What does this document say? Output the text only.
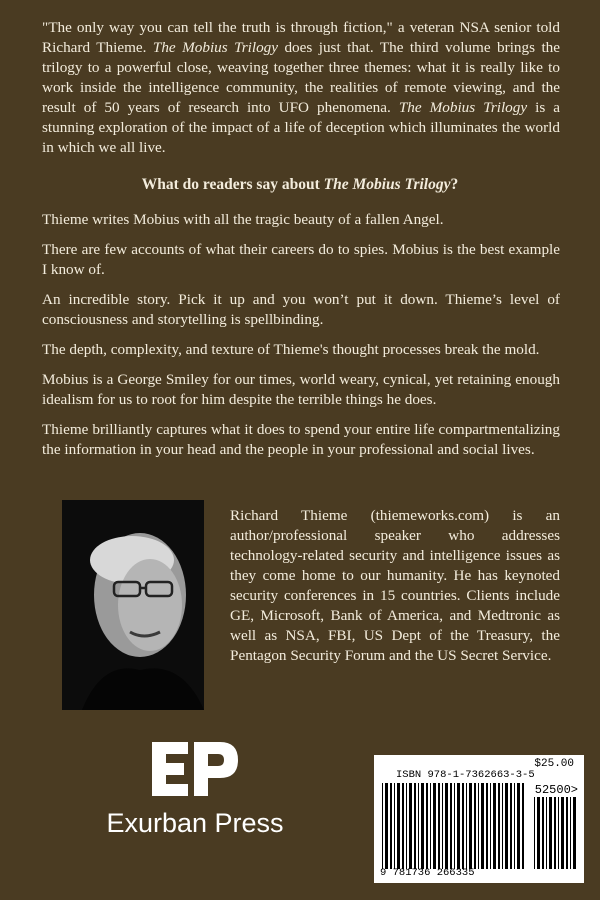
"The only way you can tell the truth is through fiction," a veteran NSA senior told Richard Thieme. The Mobius Trilogy does just that. The third volume brings the trilogy to a powerful close, weaving together three themes: what it is really like to work inside the intelligence community, the realities of remote viewing, and the result of 50 years of research into UFO phenomena. The Mobius Trilogy is a stunning exploration of the impact of a life of deception which illuminates the world in which we all live.
What do readers say about The Mobius Trilogy?
Thieme writes Mobius with all the tragic beauty of a fallen Angel.
There are few accounts of what their careers do to spies. Mobius is the best example I know of.
An incredible story. Pick it up and you won’t put it down. Thieme’s level of consciousness and storytelling is spellbinding.
The depth, complexity, and texture of Thieme's thought processes break the mold.
Mobius is a George Smiley for our times, world weary, cynical, yet retaining enough idealism for us to root for him despite the terrible things he does.
Thieme brilliantly captures what it does to spend your entire life compartmentalizing the information in your head and the people in your professional and social lives.
Richard Thieme (thiemeworks.com) is an author/professional speaker who addresses technology-related security and intelligence issues as they come home to our humanity. He has keynoted security conferences in 15 countries. Clients include GE, Microsoft, Bank of America, and Medtronic as well as NSA, FBI, US Dept of the Treasury, the Pentagon Security Forum and the US Secret Service.
Exurban Press
$25.00
ISBN 978-1-7362663-3-5
52500>
9 781736 266335
